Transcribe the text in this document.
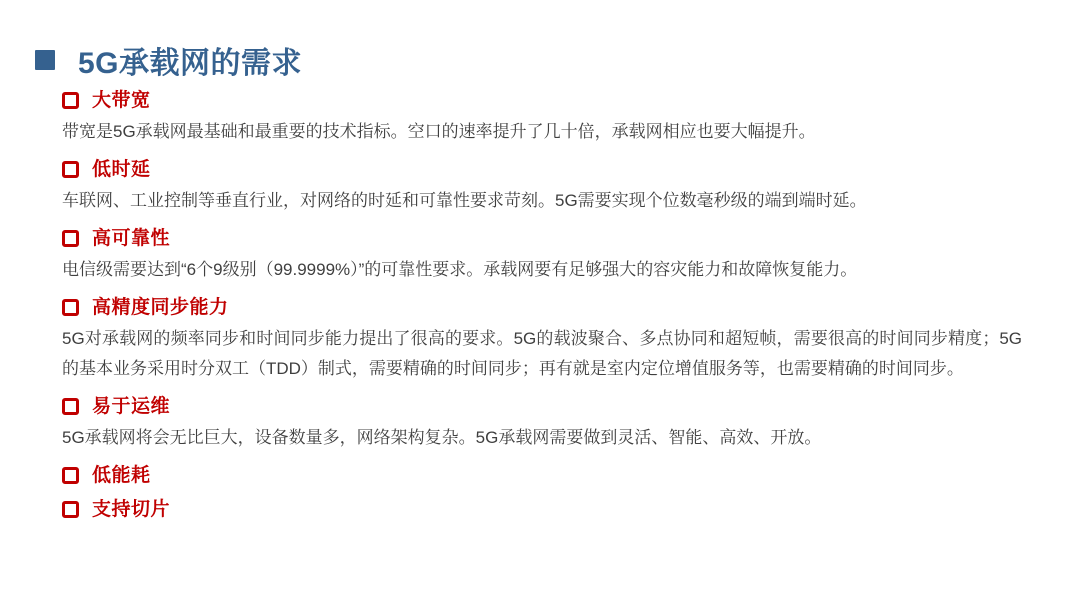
5G承载网的需求
大带宽

带宽是5G承载网最基础和最重要的技术指标。空口的速率提升了几十倍，承载网相应也要大幅提升。

低时延

车联网、工业控制等垂直行业，对网络的时延和可靠性要求苛刻。5G需要实现个位数毫秒级的端到端时延。

高可靠性

电信级需要达到“6个9级别（99.9999%）”的可靠性要求。承载网要有足够强大的容灾能力和故障恢复能力。

高精度同步能力

5G对承载网的频率同步和时间同步能力提出了很高的要求。5G的载波聚合、多点协同和超短帧，需要很高的时间同步精度；5G的基本业务采用时分双工（TDD）制式，需要精确的时间同步；再有就是室内定位增值服务等，也需要精确的时间同步。

易于运维

5G承载网将会无比巨大，设备数量多，网络架构复杂。5G承载网需要做到灵活、智能、高效、开放。

低能耗
支持切片
